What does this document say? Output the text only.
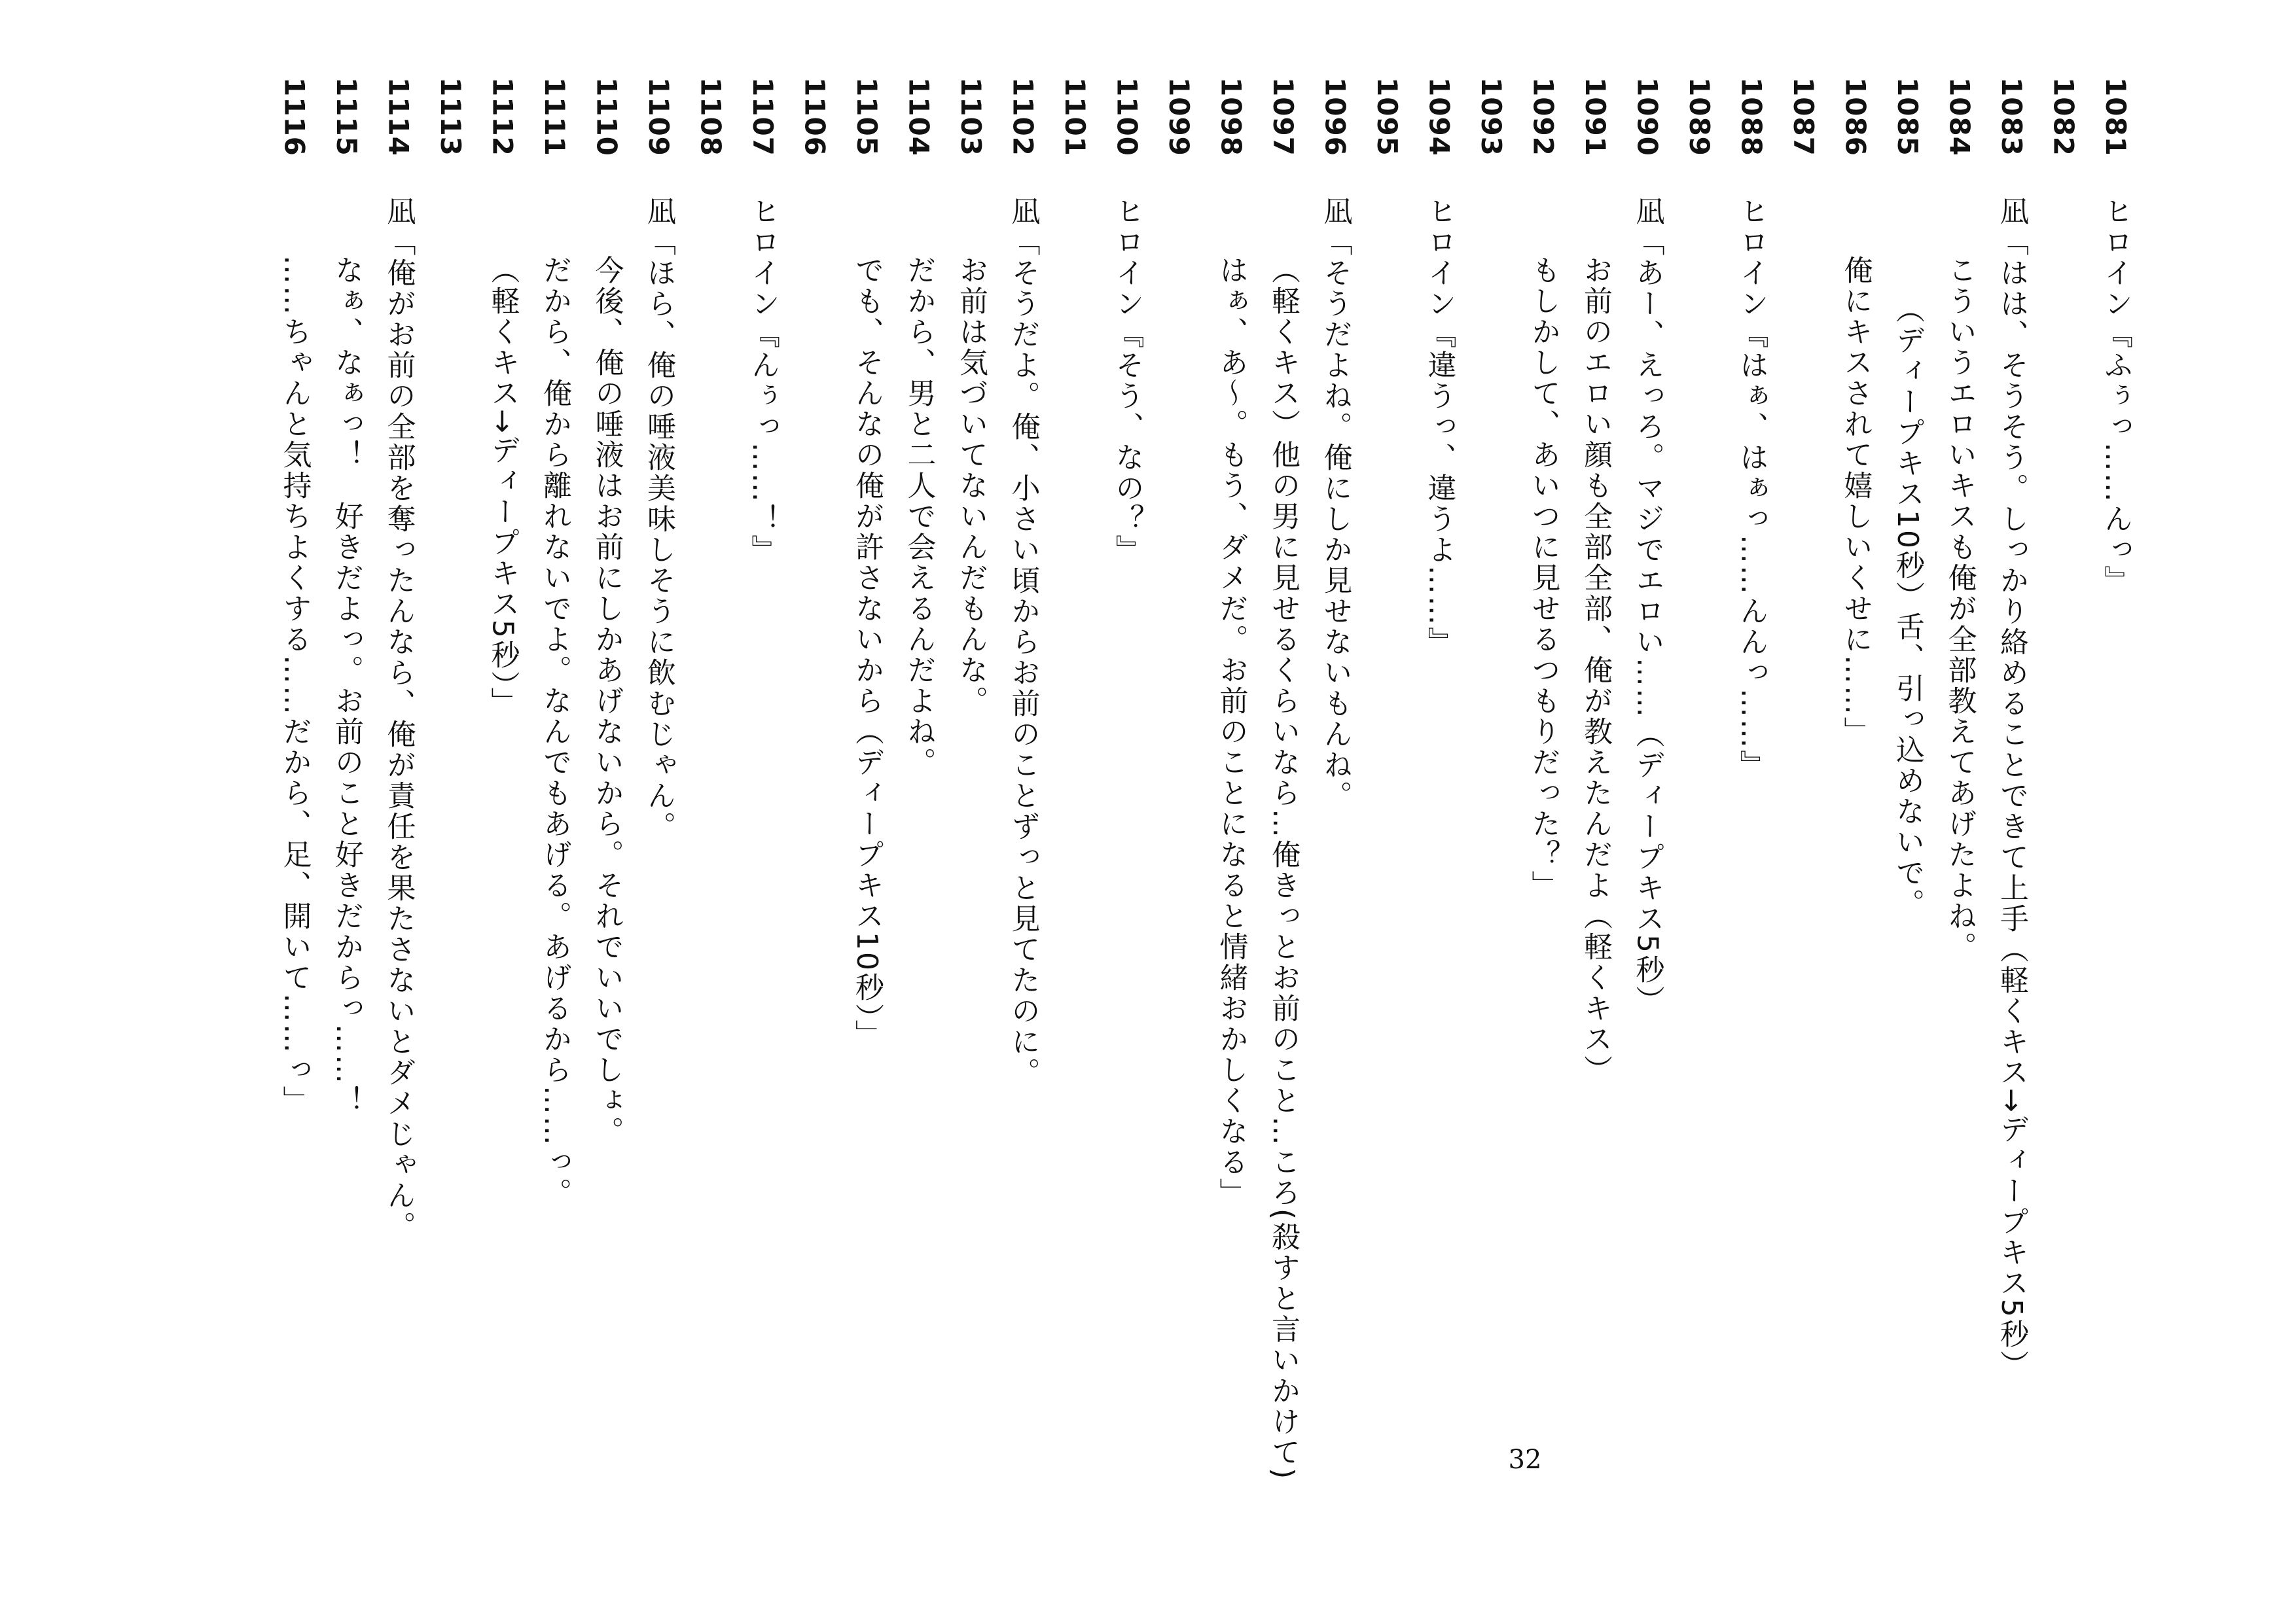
1081
ヒロイン『ふぅっ……んっ』
1082
1083
凪「はは、そうそう。しっかり絡めることできて上手（軽くキス→ディープキス5秒）
1084
こういうエロいキスも俺が全部教えてあげたよね。
1085
（ディープキス10秒）舌、引っ込めないで。
1086
俺にキスされて嬉しいくせに……」
1087
1088
ヒロイン『はぁ、はぁっ……んんっ……』
1089
1090
凪「あー、えっろ。マジでエロい……（ディープキス5秒）
1091
お前のエロい顔も全部全部、俺が教えたんだよ（軽くキス）
1092
もしかして、あいつに見せるつもりだった？」
1093
1094
ヒロイン『違うっ、違うよ……』
1095
1096
凪「そうだよね。俺にしか見せないもんね。
1097
（軽くキス）他の男に見せるくらいなら…俺きっとお前のこと…ころ(殺すと言いかけて)
1098
はぁ、あ〜。もう、ダメだ。お前のことになると情緒おかしくなる」
1099
1100
ヒロイン『そう、なの？』
1101
1102
凪「そうだよ。俺、小さい頃からお前のことずっと見てたのに。
1103
お前は気づいてないんだもんな。
1104
だから、男と二人で会えるんだよね。
1105
でも、そんなの俺が許さないから（ディープキス10秒）」
1106
1107
ヒロイン『んぅっ……！』
1108
1109
凪「ほら、俺の唾液美味しそうに飲むじゃん。
1110
今後、俺の唾液はお前にしかあげないから。それでいいでしょ。
1111
だから、俺から離れないでよ。なんでもあげる。あげるから……っ。
1112
（軽くキス→ディープキス5秒）」
1113
1114
凪「俺がお前の全部を奪ったんなら、俺が責任を果たさないとダメじゃん。
1115
なぁ、なぁっ！　好きだよっ。お前のこと好きだからっ……！
1116
……ちゃんと気持ちよくする……だから、足、開いて……っ」
32
